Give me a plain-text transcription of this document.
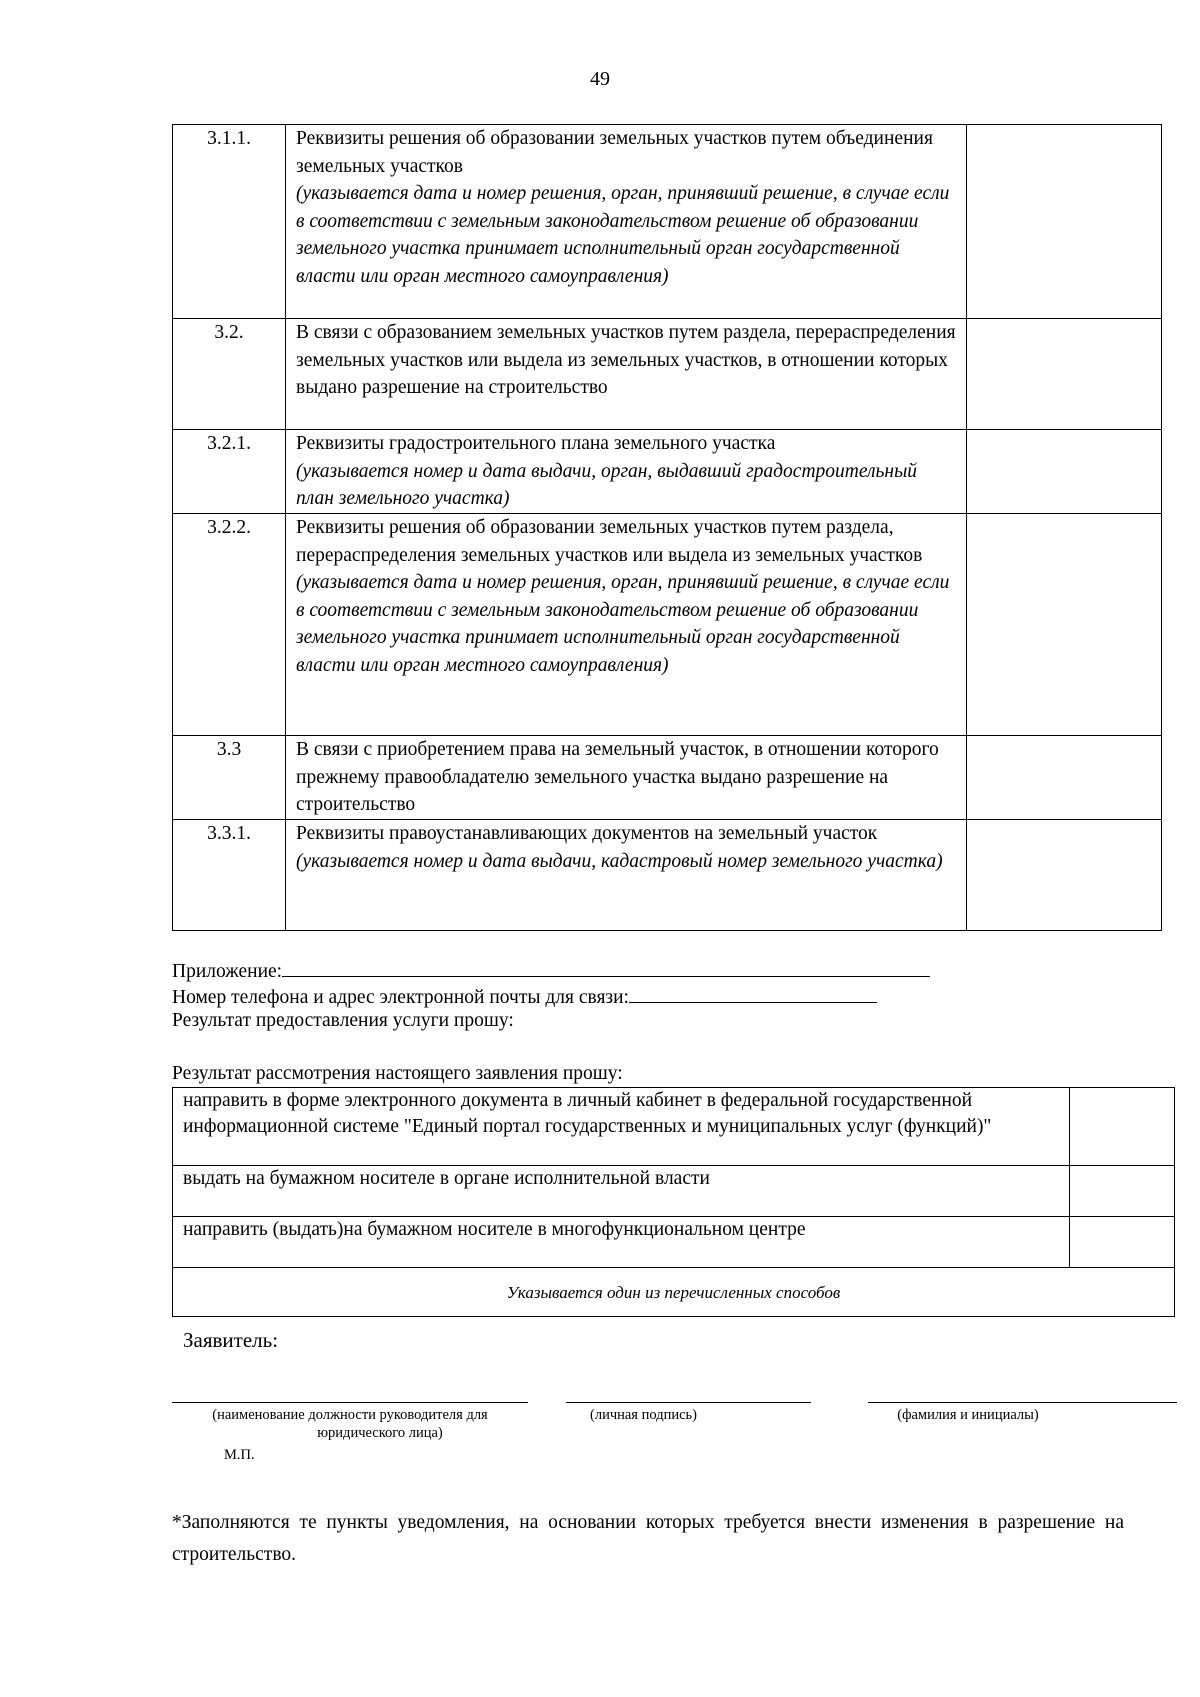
49
3.1.1.	Реквизиты решения об образовании земельных участков путем объединения земельных участков
(указывается дата и номер решения, орган, принявший решение, в случае если в соответствии с земельным законодательством решение об образовании земельного участка принимает исполнительный орган государственной власти или орган местного самоуправления)	

3.2.	В связи с образованием земельных участков путем раздела, перераспределения земельных участков или выдела из земельных участков, в отношении которых выдано разрешение на строительство	

3.2.1.	Реквизиты градостроительного плана земельного участка
(указывается номер и дата выдачи, орган, выдавший градостроительный план земельного участка)	

3.2.2.	Реквизиты решения об образовании земельных участков путем раздела, перераспределения земельных участков или выдела из земельных участков
(указывается дата и номер решения, орган, принявший решение, в случае если в соответствии с земельным законодательством решение об образовании земельного участка принимает исполнительный орган государственной власти или орган местного самоуправления)	

3.3	В связи с приобретением права на земельный участок, в отношении которого прежнему правообладателю земельного участка выдано разрешение на строительство	

3.3.1.	Реквизиты правоустанавливающих документов на земельный участок
(указывается номер и дата выдачи, кадастровый номер земельного участка)	

Приложение:
Номер телефона и адрес электронной почты для связи:
Результат предоставления услуги прошу:
Результат рассмотрения настоящего заявления прошу:
направить в форме электронного документа в личный кабинет в федеральной государственной информационной системе "Единый портал государственных и муниципальных услуг (функций)"	
выдать на бумажном носителе в органе исполнительной власти	
направить (выдать)на бумажном носителе в многофункциональном центре	
Указывается один из перечисленных способов	
Заявитель:
(наименование должности руководителя для
юридического лица)
(личная подпись)	(фамилия и инициалы)
М.П.
*Заполняются те пункты уведомления, на основании которых требуется внести изменения в разрешение на строительство.
